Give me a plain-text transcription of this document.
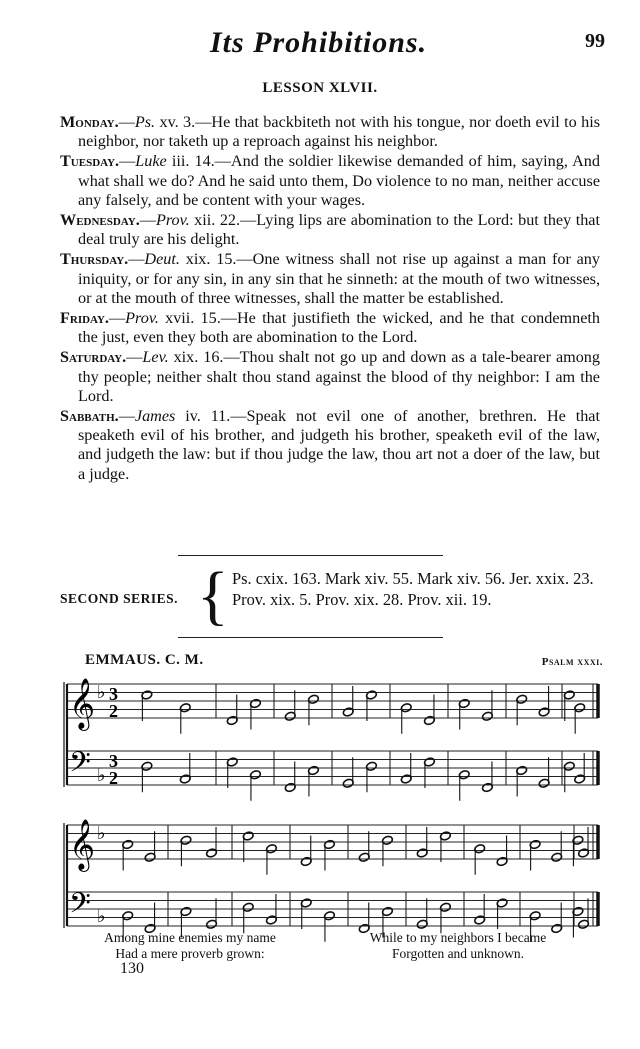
Its Prohibitions.	99
LESSON XLVII.

Monday.—Ps. xv. 3.—He that backbiteth not with his tongue, nor doeth evil to his neighbor, nor taketh up a reproach against his neighbor.

Tuesday.—Luke iii. 14.—And the soldier likewise demanded of him, saying, And what shall we do? And he said unto them, Do violence to no man, neither accuse any falsely, and be content with your wages.

Wednesday.—Prov. xii. 22.—Lying lips are abomination to the Lord: but they that deal truly are his delight.

Thursday.—Deut. xix. 15.—One witness shall not rise up against a man for any iniquity, or for any sin, in any sin that he sinneth: at the mouth of two witnesses, or at the mouth of three witnesses, shall the matter be established.

Friday.—Prov. xvii. 15.—He that justifieth the wicked, and he that condemneth the just, even they both are abomination to the Lord.

Saturday.—Lev. xix. 16.—Thou shalt not go up and down as a tale-bearer among thy people; neither shalt thou stand against the blood of thy neighbor: I am the Lord.

Sabbath.—James iv. 11.—Speak not evil one of another, brethren. He that speaketh evil of his brother, and judgeth his brother, speaketh evil of the law, and judgeth the law: but if thou judge the law, thou art not a doer of the law, but a judge.

SECOND SERIES. { Ps. cxix. 163. Mark xiv. 55. Mark xiv. 56. Jer. xxix. 23. Prov. xix. 5. Prov. xix. 28. Prov. xii. 19.
EMMAUS. C. M.	Psalm xxxi.
𝄞 ♭ 3
2
𝄢 ♭
3
2
𝄞 ♭
𝄢 ♭
Among mine enemies my name
Had a mere proverb grown:
While to my neighbors I became
Forgotten and unknown.
130
